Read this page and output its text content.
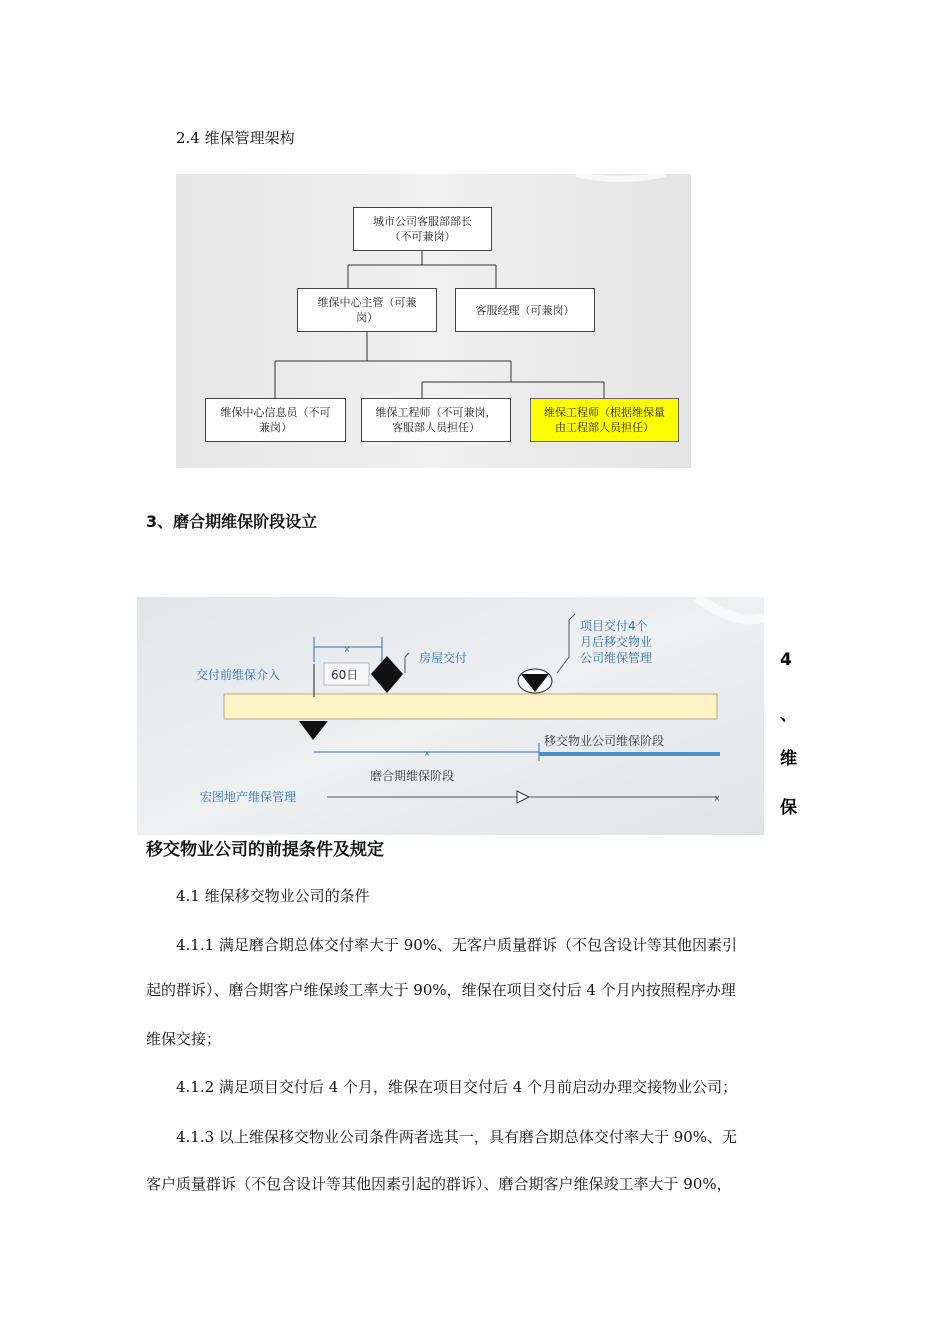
2.4 维保管理架构
城市公司客服部部长
（不可兼岗）
维保中心主管（可兼
岗）
客服经理（可兼岗）
维保中心信息员（不可
兼岗）
维保工程师（不可兼岗，
客服部人员担任）
维保工程师（根据维保量
由工程部人员担任）
3、磨合期维保阶段设立
×
×
×
交付前维保介入	60日
房屋交付
项目交付4个
月后移交物业
公司维保管理
移交物业公司维保阶段
磨合期维保阶段
宏图地产维保管理
4
、
维
保
移交物业公司的前提条件及规定
4.1 维保移交物业公司的条件
4.1.1 满足磨合期总体交付率大于 90%、无客户质量群诉（不包含设计等其他因素引
起的群诉）、磨合期客户维保竣工率大于 90%，维保在项目交付后 4 个月内按照程序办理
维保交接；
4.1.2 满足项目交付后 4 个月，维保在项目交付后 4 个月前启动办理交接物业公司；
4.1.3 以上维保移交物业公司条件两者选其一，具有磨合期总体交付率大于 90%、无
客户质量群诉（不包含设计等其他因素引起的群诉）、磨合期客户维保竣工率大于 90%，
